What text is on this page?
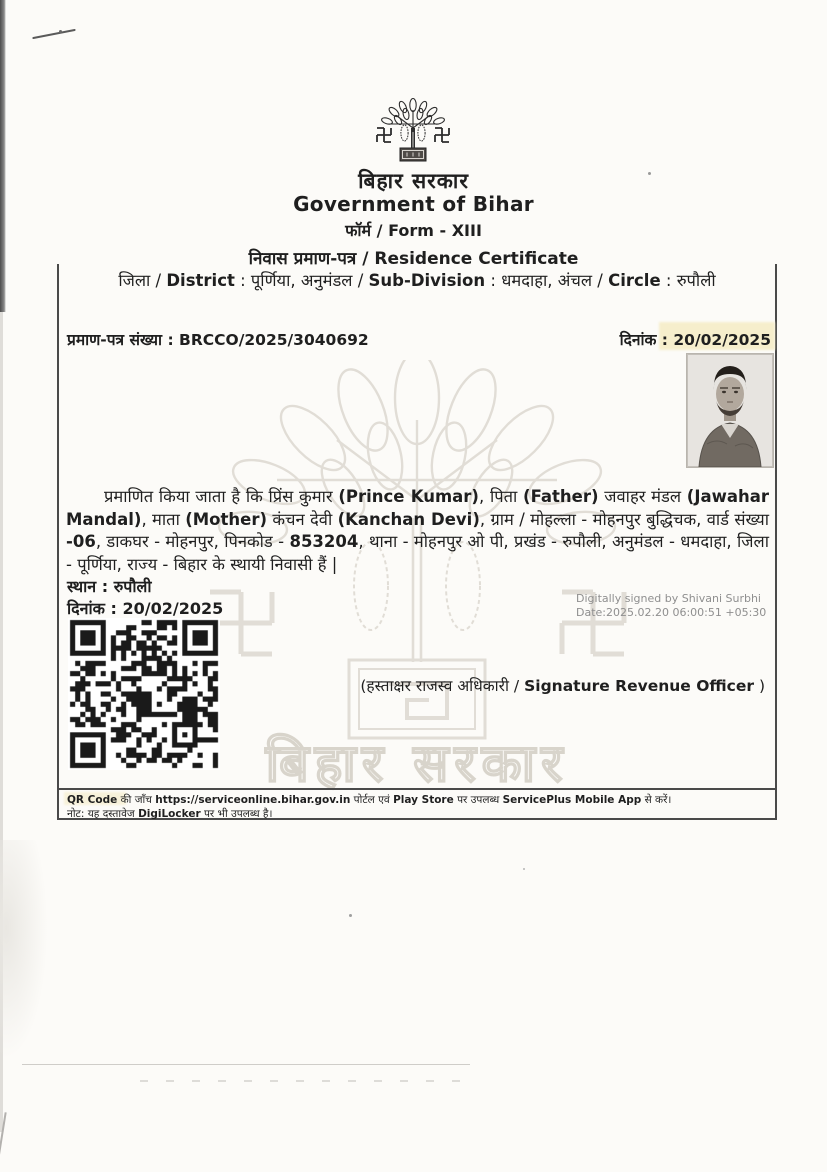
बिहार सरकार
Government of Bihar
फॉर्म / Form - XIII
निवास प्रमाण-पत्र / Residence Certificate
जिला / District : पूर्णिया, अनुमंडल / Sub-Division : धमदाहा, अंचल / Circle : रुपौली
बिहार सरकार
प्रमाण-पत्र संख्या : BRCCO/2025/3040692	दिनांक : 20/02/2025
प्रमाणित किया जाता है कि प्रिंस कुमार (Prince Kumar), पिता (Father) जवाहर मंडल (Jawahar Mandal), माता (Mother) कंचन देवी (Kanchan Devi), ग्राम / मोहल्ला - मोहनपुर बुद्धिचक, वार्ड संख्या -06, डाकघर - मोहनपुर, पिनकोड - 853204, थाना - मोहनपुर ओ पी, प्रखंड - रुपौली, अनुमंडल - धमदाहा, जिला - पूर्णिया, राज्य - बिहार के स्थायी निवासी हैं |
स्थान : रुपौली
दिनांक : 20/02/2025
Digitally signed by Shivani Surbhi
Date:2025.02.20 06:00:51 +05:30
(हस्ताक्षर राजस्व अधिकारी / Signature Revenue Officer )
QR Code की जाँच https://serviceonline.bihar.gov.in पोर्टल एवं Play Store पर उपलब्ध ServicePlus Mobile App से करें।
नोट: यह दस्तावेज DigiLocker पर भी उपलब्ध है।
